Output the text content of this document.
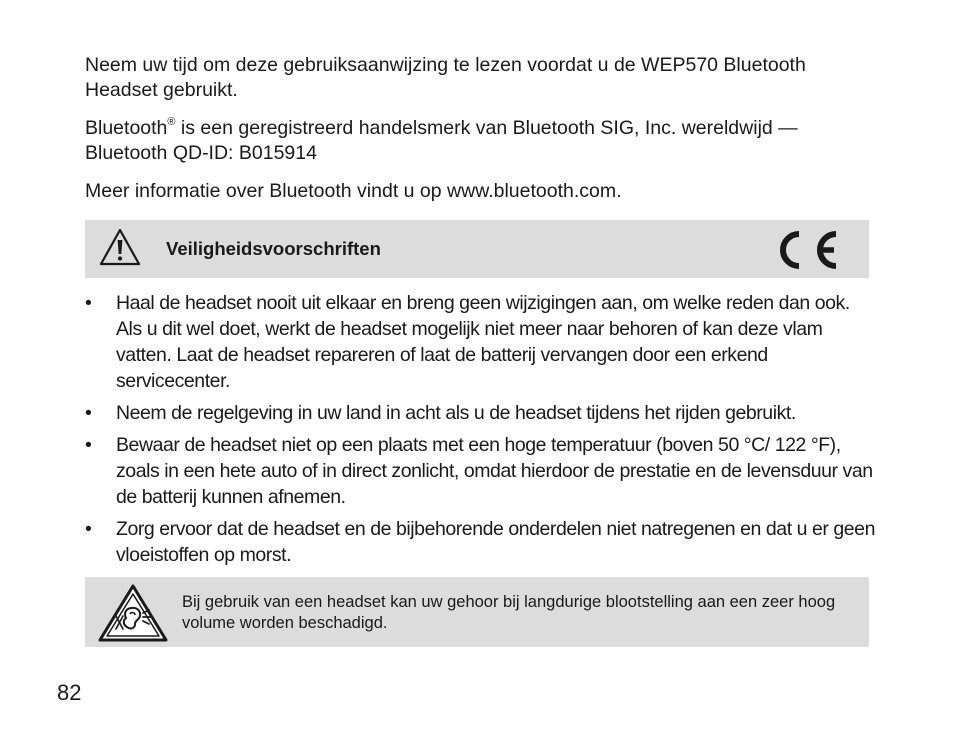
Neem uw tijd om deze gebruiksaanwijzing te lezen voordat u de WEP570 Bluetooth Headset gebruikt.

Bluetooth® is een geregistreerd handelsmerk van Bluetooth SIG, Inc. wereldwijd — Bluetooth QD-ID: B015914

Meer informatie over Bluetooth vindt u op www.bluetooth.com.

Veiligheidsvoorschriften
• Haal de headset nooit uit elkaar en breng geen wijzigingen aan, om welke reden dan ook. Als u dit wel doet, werkt de headset mogelijk niet meer naar behoren of kan deze vlam vatten. Laat de headset repareren of laat de batterij vervangen door een erkend servicecenter.
• Neem de regelgeving in uw land in acht als u de headset tijdens het rijden gebruikt.
• Bewaar de headset niet op een plaats met een hoge temperatuur (boven 50 °C/ 122 °F), zoals in een hete auto of in direct zonlicht, omdat hierdoor de prestatie en de levensduur van de batterij kunnen afnemen.
• Zorg ervoor dat de headset en de bijbehorende onderdelen niet natregenen en dat u er geen vloeistoffen op morst.
Bij gebruik van een headset kan uw gehoor bij langdurige blootstelling aan een zeer hoog volume worden beschadigd.
82
